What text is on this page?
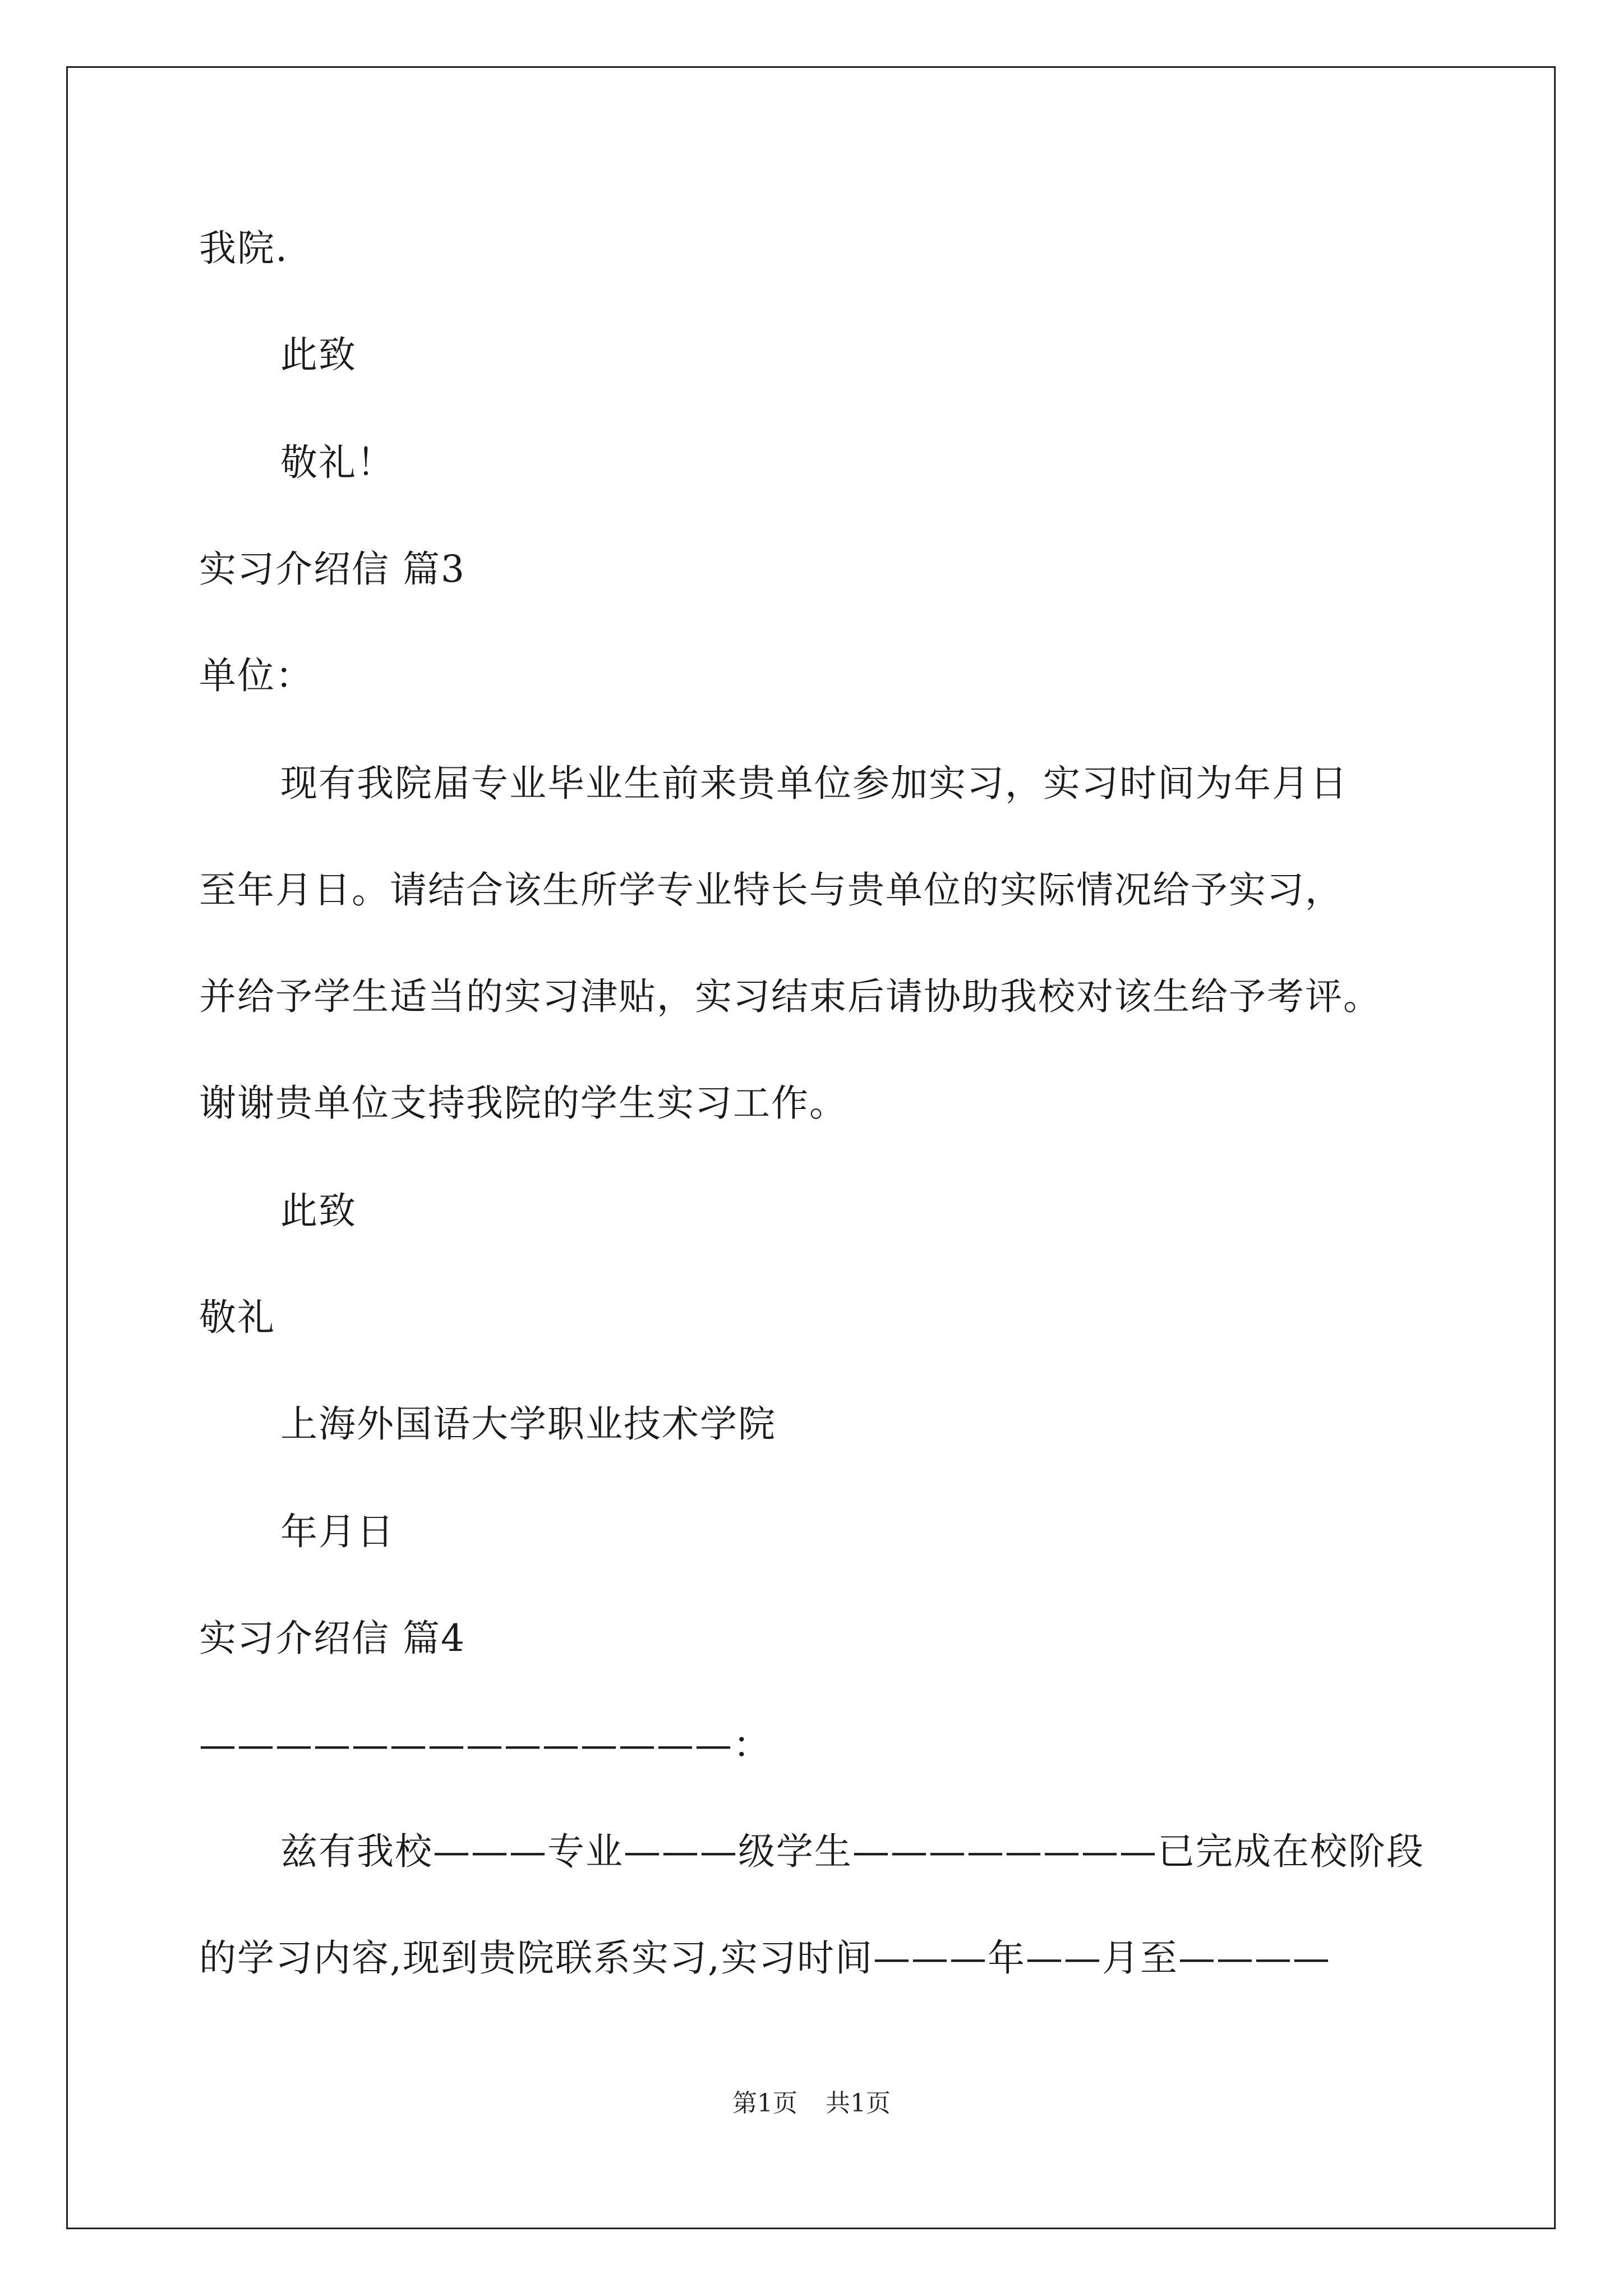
我院.
此致
敬礼！
实习介绍信 篇3
单位：
现有我院届专业毕业生前来贵单位参加实习，实习时间为年月日
至年月日。请结合该生所学专业特长与贵单位的实际情况给予实习，
并给予学生适当的实习津贴，实习结束后请协助我校对该生给予考评。
谢谢贵单位支持我院的学生实习工作。
此致
敬礼
上海外国语大学职业技术学院
年月日
实习介绍信 篇4
——————————————：
兹有我校———专业———级学生————————已完成在校阶段
的学习内容,现到贵院联系实习,实习时间———年——月至————
第1页 共1页
